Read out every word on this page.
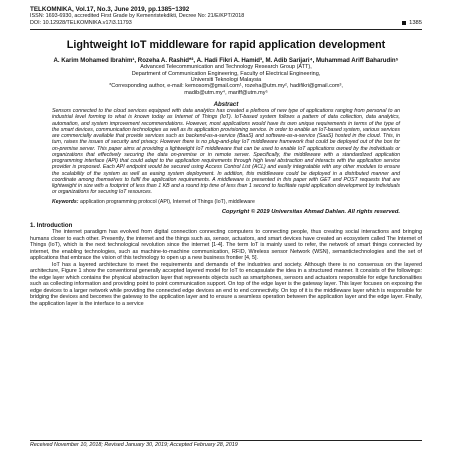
TELKOMNIKA, Vol.17, No.3, June 2019, pp.1385~1392
ISSN: 1693-6930, accredited First Grade by Kemenristekdikti, Decree No: 21/E/KPT/2018
DOI: 10.12928/TELKOMNIKA.v17i3.11793	1385
Lightweight IoT middleware for rapid application development
A. Karim Mohamed Ibrahim¹, Rozeha A. Rashid*², A. Hadi Fikri A. Hamid³, M. Adib Sarijari⁴, Muhammad Ariff Baharudin⁵
Advanced Telecommunication and Technology Research Group (ATT),
Department of Communication Engineering, Faculty of Electrical Engineering,
Universiti Teknologi Malaysia
*Corresponding author, e-mail: kemosom@gmail.com¹, rozeha@utm.my², hadifikri@gmail.com³,
madib@utm.my⁴, mariff@utm.my⁵
Abstract
Sensors connected to the cloud services equipped with data analytics has created a plethora of new type of applications ranging from personal to an industrial level forming to what is known today as Internet of Things (IoT). IoT-based system follows a pattern of data collection, data analytics, automation, and system improvement recommendations. However, most applications would have its own unique requirements in terms of the type of the smart devices, communication technologies as well as its application provisioning service. In order to enable an IoT-based system, various services are commercially available that provide services such as backend-as-a-service (BaaS) and software-as-a-service (SaaS) hosted in the cloud. This, in turn, raises the issues of security and privacy. However there is no plug-and-play IoT middleware framework that could be deployed out of the box for on-premise server. This paper aims at providing a lightweight IoT middleware that can be used to enable IoT applications owned by the individuals or organizations that effectively securing the data on-premise or in remote server. Specifically, the middleware with a standardized application programming interface (API) that could adapt to the application requirements through high level abstraction and interacts with the application service provider is proposed. Each API endpoint would be secured using Access Control List (ACL) and easily integratable with any other modules to ensure the scalability of the system as well as easing system deployment. In addition, this middleware could be deployed in a distributed manner and coordinate among themselves to fulfil the application requirements. A middleware is presented in this paper with GET and POST requests that are lightweight in size with a footprint of less than 1 KB and a round trip time of less than 1 second to facilitate rapid application development by individuals or organizations for securing IoT resources.
Keywords: application programming protocol (API), Internet of Things (IoT), middleware
Copyright © 2019 Universitas Ahmad Dahlan. All rights reserved.
1. Introduction

The internet paradigm has evolved from digital connection connecting computers to connecting people, thus creating social interactions and bringing humans closer to each other. Presently, the internet and the things such as, sensor, actuators, and smart devices have created an ecosystem called The Internet of Things (IoT), which is the next technological revolution since the internet [1-4]. The term IoT is mainly used to refer, the network of smart things connected by internet, the enabling technologies, such as machine-to-machine communication, RFID, Wireless sensor Network (WSN), semantictechnologies and the set of applications that embrace the vision of this technology to open up a new business frontier [4, 5].

IoT has a layered architecture to meet the requirements and demands of the industries and society. Although there is no consensus on the layered architecture, Figure 1 show the conventional generally accepted layered model for IoT to encapsulate the idea in a structured manner. It consists of the followings: the edge layer which contains the physical abstraction layer that represents objects such as smartphones, sensors and actuators responsible for edge functionalities such as collecting information and providing point to point communication support. On top of the edge layer is the gateway layer. This layer focuses on exposing the edge devices to a larger network while providing the connected edge devices an end to end connectivity. On top of it is the middleware layer which is responsible for bridging the devices and becomes the gateway to the application layer and to ensure a seamless operation between the application layer and the edge layer. Finally, the application layer is the interface to a service

Received November 10, 2018; Revised January 30, 2019; Accepted February 28, 2019
